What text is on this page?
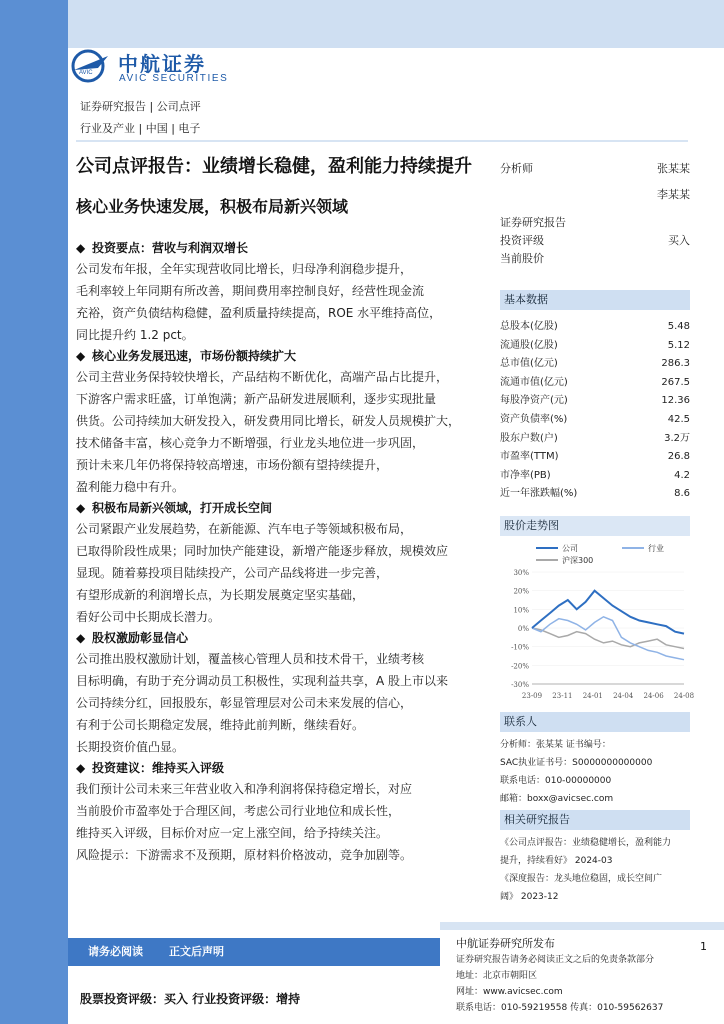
AVIC 中航证券
AVIC SECURITIES
证券研究报告 | 公司点评
行业及产业 | 中国 | 电子
公司点评报告：业绩增长稳健，盈利能力持续提升
核心业务快速发展，积极布局新兴领域
◆ 投资要点：营收与利润双增长
公司发布年报，全年实现营收同比增长，归母净利润稳步提升，
毛利率较上年同期有所改善，期间费用率控制良好，经营性现金流
充裕，资产负债结构稳健，盈利质量持续提高，ROE 水平维持高位，
同比提升约 1.2 pct。
◆ 核心业务发展迅速，市场份额持续扩大
公司主营业务保持较快增长，产品结构不断优化，高端产品占比提升，
下游客户需求旺盛，订单饱满；新产品研发进展顺利，逐步实现批量
供货。公司持续加大研发投入，研发费用同比增长，研发人员规模扩大，
技术储备丰富，核心竞争力不断增强，行业龙头地位进一步巩固，
预计未来几年仍将保持较高增速，市场份额有望持续提升，
盈利能力稳中有升。
◆ 积极布局新兴领域，打开成长空间
公司紧跟产业发展趋势，在新能源、汽车电子等领域积极布局，
已取得阶段性成果；同时加快产能建设，新增产能逐步释放，规模效应
显现。随着募投项目陆续投产，公司产品线将进一步完善，
有望形成新的利润增长点，为长期发展奠定坚实基础，
看好公司中长期成长潜力。
◆ 股权激励彰显信心
公司推出股权激励计划，覆盖核心管理人员和技术骨干，业绩考核
目标明确，有助于充分调动员工积极性，实现利益共享，A 股上市以来
公司持续分红，回报股东，彰显管理层对公司未来发展的信心，
有利于公司长期稳定发展，维持此前判断，继续看好。
长期投资价值凸显。
◆ 投资建议：维持买入评级
我们预计公司未来三年营业收入和净利润将保持稳定增长，对应
当前股价市盈率处于合理区间，考虑公司行业地位和成长性，
维持买入评级，目标价对应一定上涨空间，给予持续关注。
风险提示：下游需求不及预期，原材料价格波动，竞争加剧等。
分析师	张某某
李某某
证券研究报告
投资评级	买入
当前股价
基本数据
总股本(亿股)	5.48
流通股(亿股)	5.12
总市值(亿元)	286.3
流通市值(亿元)	267.5
每股净资产(元)	12.36
资产负债率(%)	42.5
股东户数(户)	3.2万
市盈率(TTM)	26.8
市净率(PB)	4.2
近一年涨跌幅(%)	8.6
股价走势图
公司	行业
沪深300
30%
20%
10%
0%
-10%
-20%
-30%
23-09 23-11 24-01 24-04 24-06 24-08
联系人
分析师：张某某 证书编号：
SAC执业证书号：S0000000000000
联系电话：010-00000000
邮箱：boxx@avicsec.com
相关研究报告
《公司点评报告：业绩稳健增长，盈利能力
提升，持续看好》 2024-03
《深度报告：龙头地位稳固，成长空间广
阔》 2023-12
请务必阅读 正文后声明
股票投资评级：买入 行业投资评级：增持
中航证券研究所发布
证券研究报告请务必阅读正文之后的免责条款部分
地址：北京市朝阳区
网址：www.avicsec.com
联系电话：010-59219558 传真：010-59562637
1
